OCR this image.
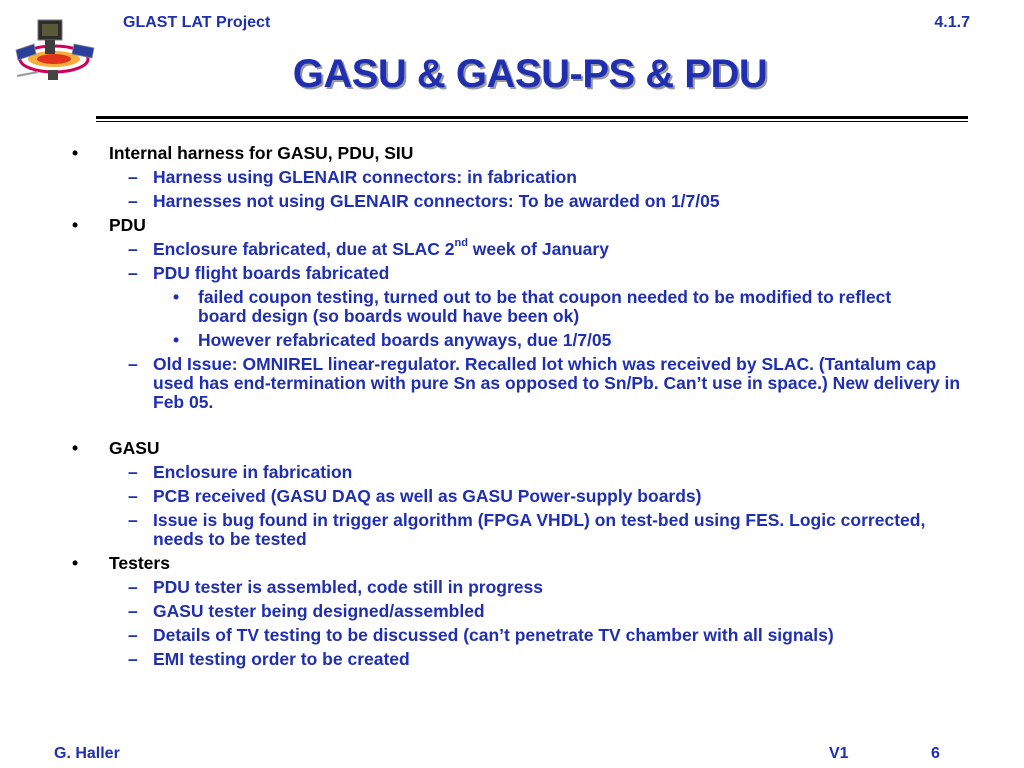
GLAST LAT Project	4.1.7
GASU & GASU-PS & PDU
• Internal harness for GASU, PDU, SIU
– Harness using GLENAIR connectors: in fabrication
– Harnesses not using GLENAIR connectors: To be awarded on 1/7/05
• PDU
– Enclosure fabricated, due at SLAC 2nd week of January
– PDU flight boards fabricated
• failed coupon testing, turned out to be that coupon needed to be modified to reflect board design (so boards would have been ok)
• However refabricated boards anyways, due 1/7/05
– Old Issue: OMNIREL linear-regulator. Recalled lot which was received by SLAC. (Tantalum cap used has end-termination with pure Sn as opposed to Sn/Pb. Can’t use in space.) New delivery in Feb 05.
• GASU
– Enclosure in fabrication
– PCB received (GASU DAQ as well as GASU Power-supply boards)
– Issue is bug found in trigger algorithm (FPGA VHDL) on test-bed using FES. Logic corrected, needs to be tested
• Testers
– PDU tester is assembled, code still in progress
– GASU tester being designed/assembled
– Details of TV testing to be discussed (can’t penetrate TV chamber with all signals)
– EMI testing order to be created
G. Haller	V1	6
